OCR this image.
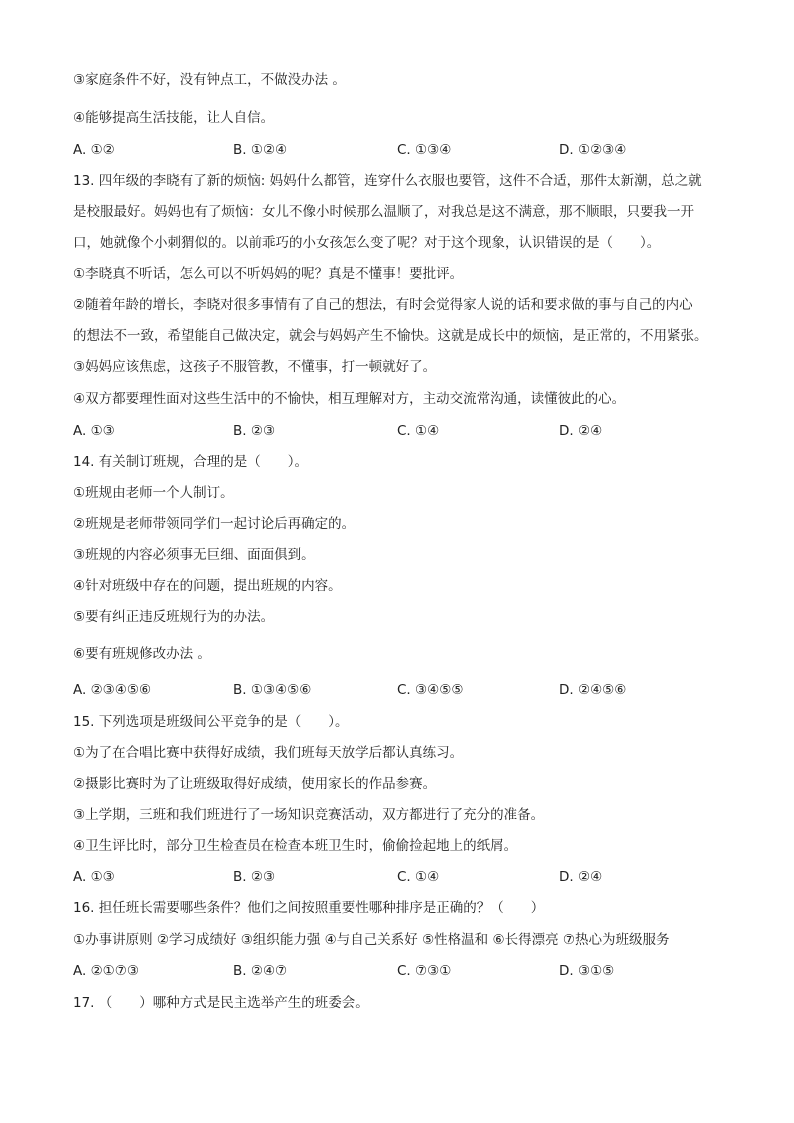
③家庭条件不好，没有钟点工，不做没办法 。
④能够提高生活技能，让人自信。
A. ①②	B. ①②④	C. ①③④	D. ①②③④
13. 四年级的李晓有了新的烦恼: 妈妈什么都管，连穿什么衣服也要管，这件不合适，那件太新潮，总之就
是校服最好。妈妈也有了烦恼：女儿不像小时候那么温顺了，对我总是这不满意，那不顺眼，只要我一开
口，她就像个小刺猬似的。以前乖巧的小女孩怎么变了呢？对于这个现象，认识错误的是（　　）。
①李晓真不听话，怎么可以不听妈妈的呢？真是不懂事！要批评。
②随着年龄的增长，李晓对很多事情有了自己的想法，有时会觉得家人说的话和要求做的事与自己的内心
的想法不一致，希望能自己做决定，就会与妈妈产生不愉快。这就是成长中的烦恼，是正常的，不用紧张。
③妈妈应该焦虑，这孩子不服管教，不懂事，打一顿就好了。
④双方都要理性面对这些生活中的不愉快，相互理解对方，主动交流常沟通，读懂彼此的心。
A. ①③	B. ②③	C. ①④	D. ②④
14. 有关制订班规，合理的是（　　）。
①班规由老师一个人制订。
②班规是老师带领同学们一起讨论后再确定的。
③班规的内容必须事无巨细、面面俱到。
④针对班级中存在的问题，提出班规的内容。
⑤要有纠正违反班规行为的办法。
⑥要有班规修改办法 。
A. ②③④⑤⑥	B. ①③④⑤⑥	C. ③④⑤⑤	D. ②④⑤⑥
15. 下列选项是班级间公平竞争的是（　　）。
①为了在合唱比赛中获得好成绩，我们班每天放学后都认真练习。
②摄影比赛时为了让班级取得好成绩，使用家长的作品参赛。
③上学期，三班和我们班进行了一场知识竞赛活动，双方都进行了充分的准备。
④卫生评比时，部分卫生检查员在检查本班卫生时，偷偷捡起地上的纸屑。
A. ①③	B. ②③	C. ①④	D. ②④
16. 担任班长需要哪些条件？他们之间按照重要性哪种排序是正确的？（　　）
①办事讲原则 ②学习成绩好 ③组织能力强 ④与自己关系好 ⑤性格温和 ⑥长得漂亮 ⑦热心为班级服务
A. ②①⑦③	B. ②④⑦	C. ⑦③①	D. ③①⑤
17. （　　）哪种方式是民主选举产生的班委会。
